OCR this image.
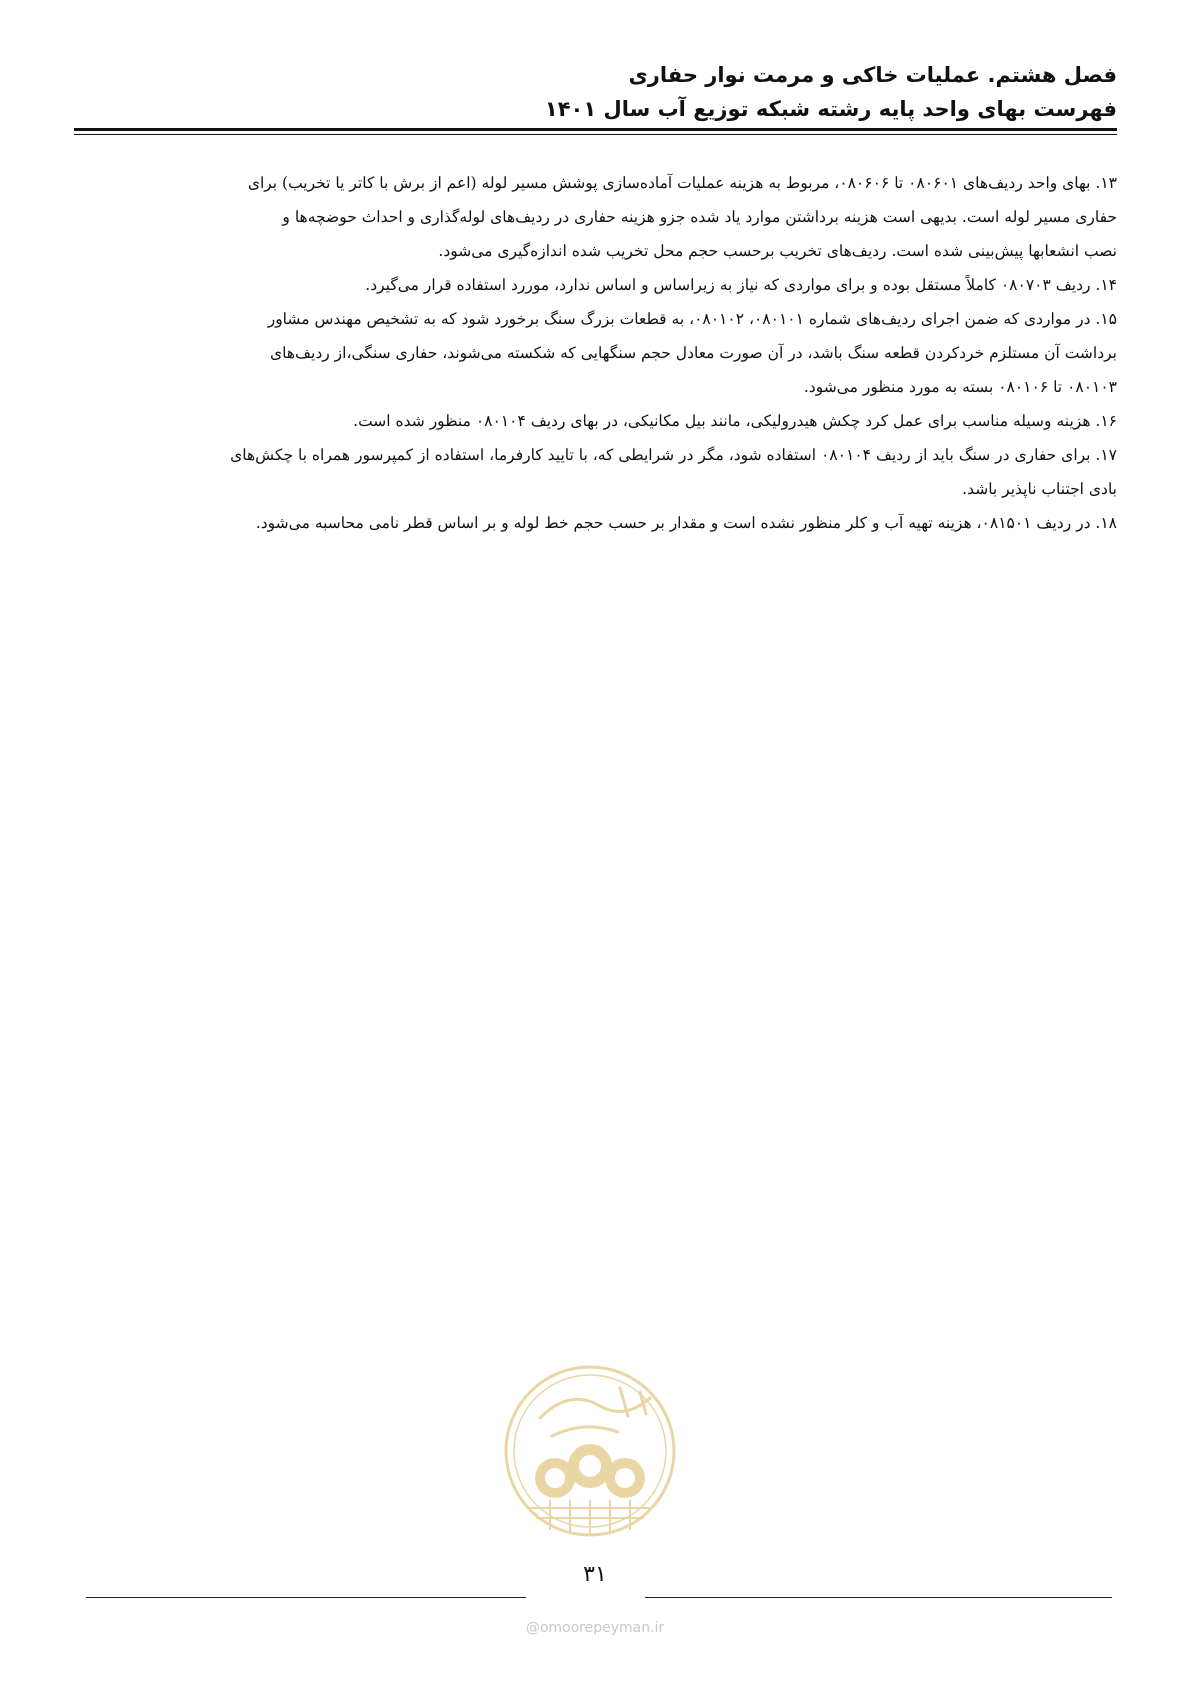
فصل هشتم. عملیات خاکی و مرمت نوار حفاری
فهرست بهای واحد پایه رشته شبکه توزیع آب سال ۱۴۰۱
۱۳. بهای واحد ردیف‌های ۰۸۰۶۰۱ تا ۰۸۰۶۰۶، مربوط به هزینه عملیات آماده‌سازی پوشش مسیر لوله (اعم از برش با کاتر یا تخریب) برای
حفاری مسیر لوله است. بدیهی است هزینه برداشتن موارد یاد شده جزو هزینه حفاری در ردیف‌های لوله‌گذاری و احداث حوضچه‌ها و
نصب انشعابها پیش‌بینی شده است. ردیف‌های تخریب برحسب حجم محل تخریب شده اندازه‌گیری می‌شود.
۱۴. ردیف ۰۸۰۷۰۳ کاملاً مستقل بوده و برای مواردی که نیاز به زیراساس و اساس ندارد، موررد استفاده قرار می‌گیرد.
۱۵. در مواردی که ضمن اجرای ردیف‌های شماره ۰۸۰۱۰۱، ۰۸۰۱۰۲، به قطعات بزرگ سنگ برخورد شود که به تشخیص مهندس مشاور
برداشت آن مستلزم خردکردن قطعه سنگ باشد، در آن صورت معادل حجم سنگهایی که شکسته می‌شوند، حفاری سنگی،از ردیف‌های
۰۸۰۱۰۳ تا ۰۸۰۱۰۶ بسته به مورد منظور می‌شود.
۱۶. هزینه وسیله مناسب برای عمل کرد چکش هیدرولیکی، مانند بیل مکانیکی، در بهای ردیف ۰۸۰۱۰۴ منظور شده است.
۱۷. برای حفاری در سنگ باید از ردیف ۰۸۰۱۰۴ استفاده شود، مگر در شرایطی که، با تایید کارفرما، استفاده از کمپرسور همراه با چکش‌های
بادی اجتناب ناپذیر باشد.
۱۸. در ردیف ۰۸۱۵۰۱، هزینه تهیه آب و کلر منظور نشده است و مقدار بر حسب حجم خط لوله و بر اساس قطر نامی محاسبه می‌شود.
۳۱
@omoorepeyman.ir
